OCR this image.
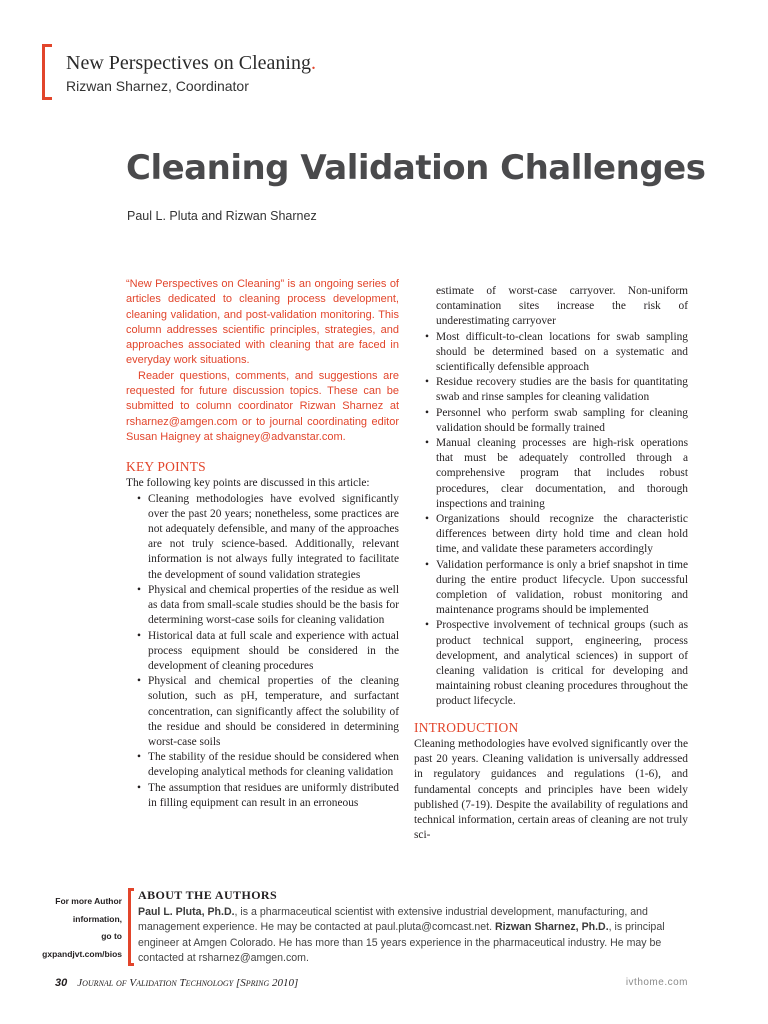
New Perspectives on Cleaning.
Rizwan Sharnez, Coordinator
Cleaning Validation Challenges
Paul L. Pluta and Rizwan Sharnez

“New Perspectives on Cleaning” is an ongoing series of articles dedicated to cleaning process development, cleaning validation, and post-validation monitoring. This column addresses scientific principles, strategies, and approaches associated with cleaning that are faced in everyday work situations.

Reader questions, comments, and suggestions are requested for future discussion topics. These can be submitted to column coordinator Rizwan Sharnez at rsharnez@amgen.com or to journal coordinating editor Susan Haigney at shaigney@advanstar.com.

KEY POINTS

The following key points are discussed in this article:

• Cleaning methodologies have evolved significantly over the past 20 years; nonetheless, some practices are not adequately defensible, and many of the approaches are not truly science-based. Additionally, relevant information is not always fully integrated to facilitate the development of sound validation strategies
• Physical and chemical properties of the residue as well as data from small-scale studies should be the basis for determining worst-case soils for cleaning validation
• Historical data at full scale and experience with actual process equipment should be considered in the development of cleaning procedures
• Physical and chemical properties of the cleaning solution, such as pH, temperature, and surfactant concentration, can significantly affect the solubility of the residue and should be considered in determining worst-case soils
• The stability of the residue should be considered when developing analytical methods for cleaning validation
• The assumption that residues are uniformly distributed in filling equipment can result in an erroneous
estimate of worst-case carryover. Non-uniform contamination sites increase the risk of underestimating carryover
• Most difficult-to-clean locations for swab sampling should be determined based on a systematic and scientifically defensible approach
• Residue recovery studies are the basis for quantitating swab and rinse samples for cleaning validation
• Personnel who perform swab sampling for cleaning validation should be formally trained
• Manual cleaning processes are high-risk operations that must be adequately controlled through a comprehensive program that includes robust procedures, clear documentation, and thorough inspections and training
• Organizations should recognize the characteristic differences between dirty hold time and clean hold time, and validate these parameters accordingly
• Validation performance is only a brief snapshot in time during the entire product lifecycle. Upon successful completion of validation, robust monitoring and maintenance programs should be implemented
• Prospective involvement of technical groups (such as product technical support, engineering, process development, and analytical sciences) in support of cleaning validation is critical for developing and maintaining robust cleaning procedures throughout the product lifecycle.
INTRODUCTION

Cleaning methodologies have evolved significantly over the past 20 years. Cleaning validation is universally addressed in regulatory guidances and regulations (1-6), and fundamental concepts and principles have been widely published (7-19). Despite the availability of regulations and technical information, certain areas of cleaning are not truly sci-

For more Author
information,
go to
gxpandjvt.com/bios
ABOUT THE AUTHORS
Paul L. Pluta, Ph.D., is a pharmaceutical scientist with extensive industrial development, manufacturing, and management experience. He may be contacted at paul.pluta@comcast.net. Rizwan Sharnez, Ph.D., is principal engineer at Amgen Colorado. He has more than 15 years experience in the pharmaceutical industry. He may be contacted at rsharnez@amgen.com.
30 Journal of Validation Technology [Spring 2010]	ivthome.com
